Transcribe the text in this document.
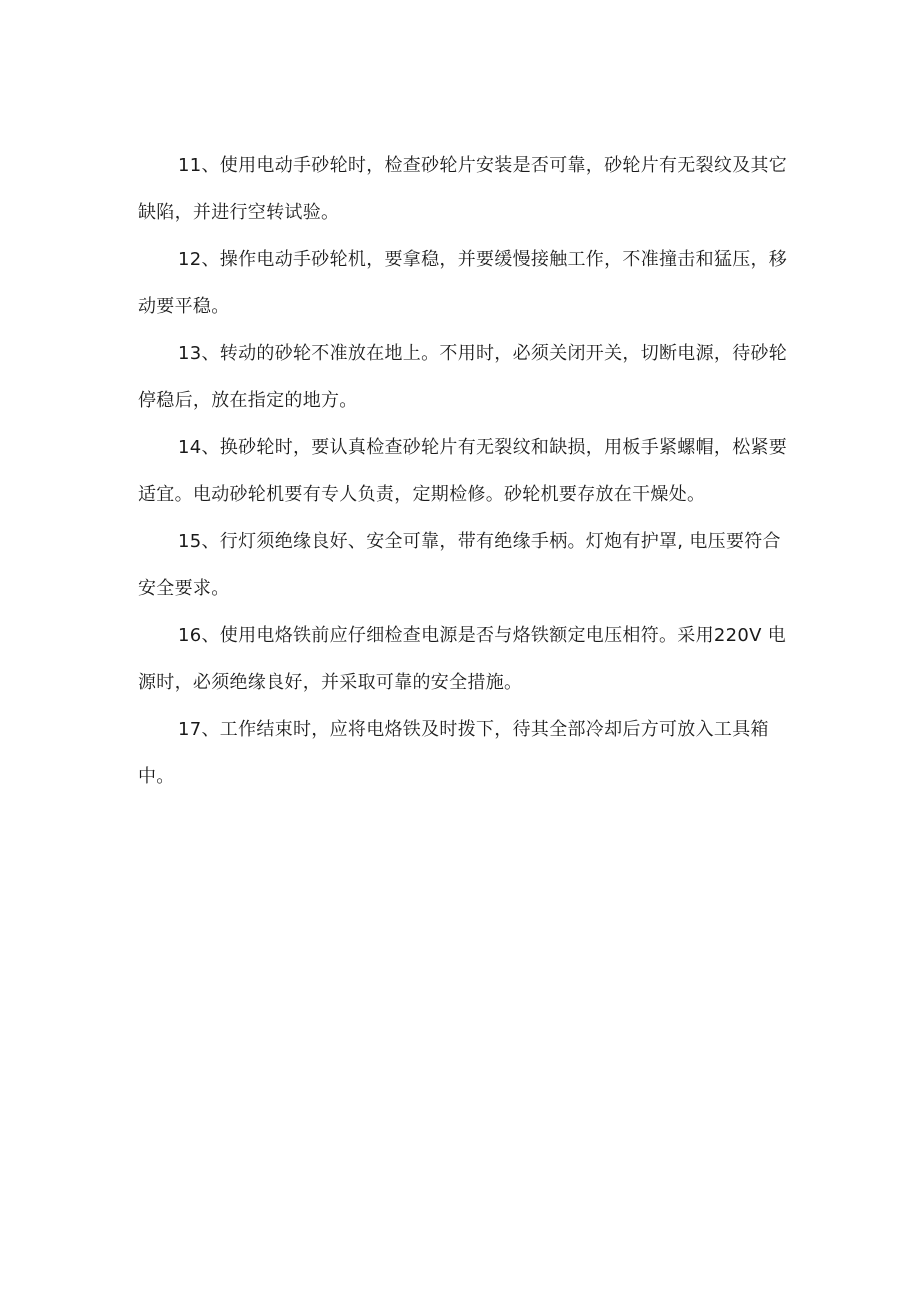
11、使用电动手砂轮时，检查砂轮片安装是否可靠，砂轮片有无裂纹及其它缺陷，并进行空转试验。

12、操作电动手砂轮机，要拿稳，并要缓慢接触工作，不准撞击和猛压，移动要平稳。

13、转动的砂轮不准放在地上。不用时，必须关闭开关，切断电源，待砂轮停稳后，放在指定的地方。

14、换砂轮时，要认真检查砂轮片有无裂纹和缺损，用板手紧螺帽，松紧要适宜。电动砂轮机要有专人负责，定期检修。砂轮机要存放在干燥处。

15、行灯须绝缘良好、安全可靠，带有绝缘手柄。灯炮有护罩, 电压要符合安全要求。

16、使用电烙铁前应仔细检查电源是否与烙铁额定电压相符。采用220V 电源时，必须绝缘良好，并采取可靠的安全措施。

17、工作结束时，应将电烙铁及时拨下，待其全部冷却后方可放入工具箱中。
